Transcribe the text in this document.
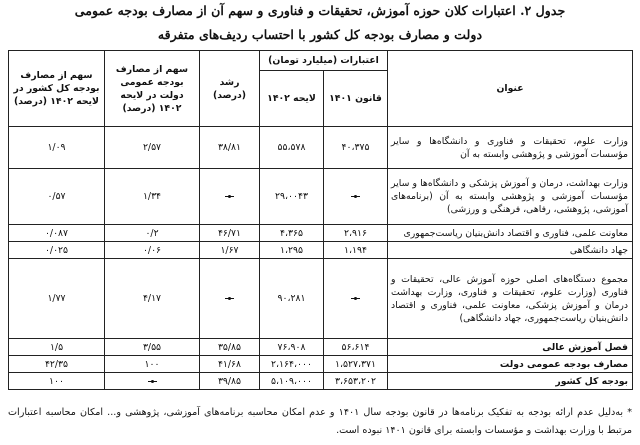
جدول ۲. اعتبارات کلان حوزه آموزش، تحقیقات و فناوری و سهم آن از مصارف بودجه عمومی
دولت و مصارف بودجه کل کشور با احتساب ردیف‌های متفرقه
عنوان	اعتبارات (میلیارد تومان)		رشد (درصد)	سهم از مصارف بودجه عمومی دولت در لایحه ۱۴۰۲ (درصد)	سهم از مصارف بودجه کل کشور در لایحه ۱۴۰۲ (درصد)
	قانون ۱۴۰۱	لایحه ۱۴۰۲			
وزارت علوم، تحقیقات و فناوری و دانشگاه‌ها و سایر مؤسسات آموزشی و پژوهشی وابسته به آن	۴۰،۳۷۵	۵۵،۵۷۸	۳۸/۸۱	۲/۵۷	۱/۰۹
وزارت بهداشت، درمان و آموزش پزشکی و دانشگاه‌ها و سایر مؤسسات آموزشی و پژوهشی وابسته به آن (برنامه‌های آموزشی، پژوهشی، رفاهی، فرهنگی و ورزشی)		۲۹،۰۰۴۳		۱/۳۴	۰/۵۷
معاونت علمی، فناوری و اقتصاد دانش‌بنیان ریاست‌جمهوری	۲،۹۱۶	۴،۳۶۵	۴۶/۷۱	۰/۲	۰/۰۸۷
جهاد دانشگاهی	۱،۱۹۴	۱،۲۹۵	۱/۶۷	۰/۰۶	۰/۰۲۵
مجموع دستگاه‌های اصلی حوزه آموزش عالی، تحقیقات و فناوری (وزارت علوم، تحقیقات و فناوری، وزارت بهداشت درمان و آموزش پزشکی، معاونت علمی، فناوری و اقتصاد دانش‌بنیان ریاست‌جمهوری، جهاد دانشگاهی)		۹۰،۲۸۱		۴/۱۷	۱/۷۷
فصل آموزش عالی	۵۶،۶۱۴	۷۶،۹۰۸	۳۵/۸۵	۳/۵۵	۱/۵
مصارف بودجه عمومی دولت	۱،۵۲۷،۳۷۱	۲،۱۶۴،۰۰۰	۴۱/۶۸	۱۰۰	۴۲/۳۵
بودجه کل کشور	۳،۶۵۳،۲۰۲	۵،۱۰۹،۰۰۰	۳۹/۸۵		۱۰۰
* به‌دلیل عدم ارائه بودجه به تفکیک برنامه‌ها در قانون بودجه سال ۱۴۰۱ و عدم امکان محاسبه برنامه‌های آموزشی، پژوهشی و... امکان محاسبه اعتبارات مرتبط با وزارت بهداشت و مؤسسات وابسته برای قانون ۱۴۰۱ نبوده است.
